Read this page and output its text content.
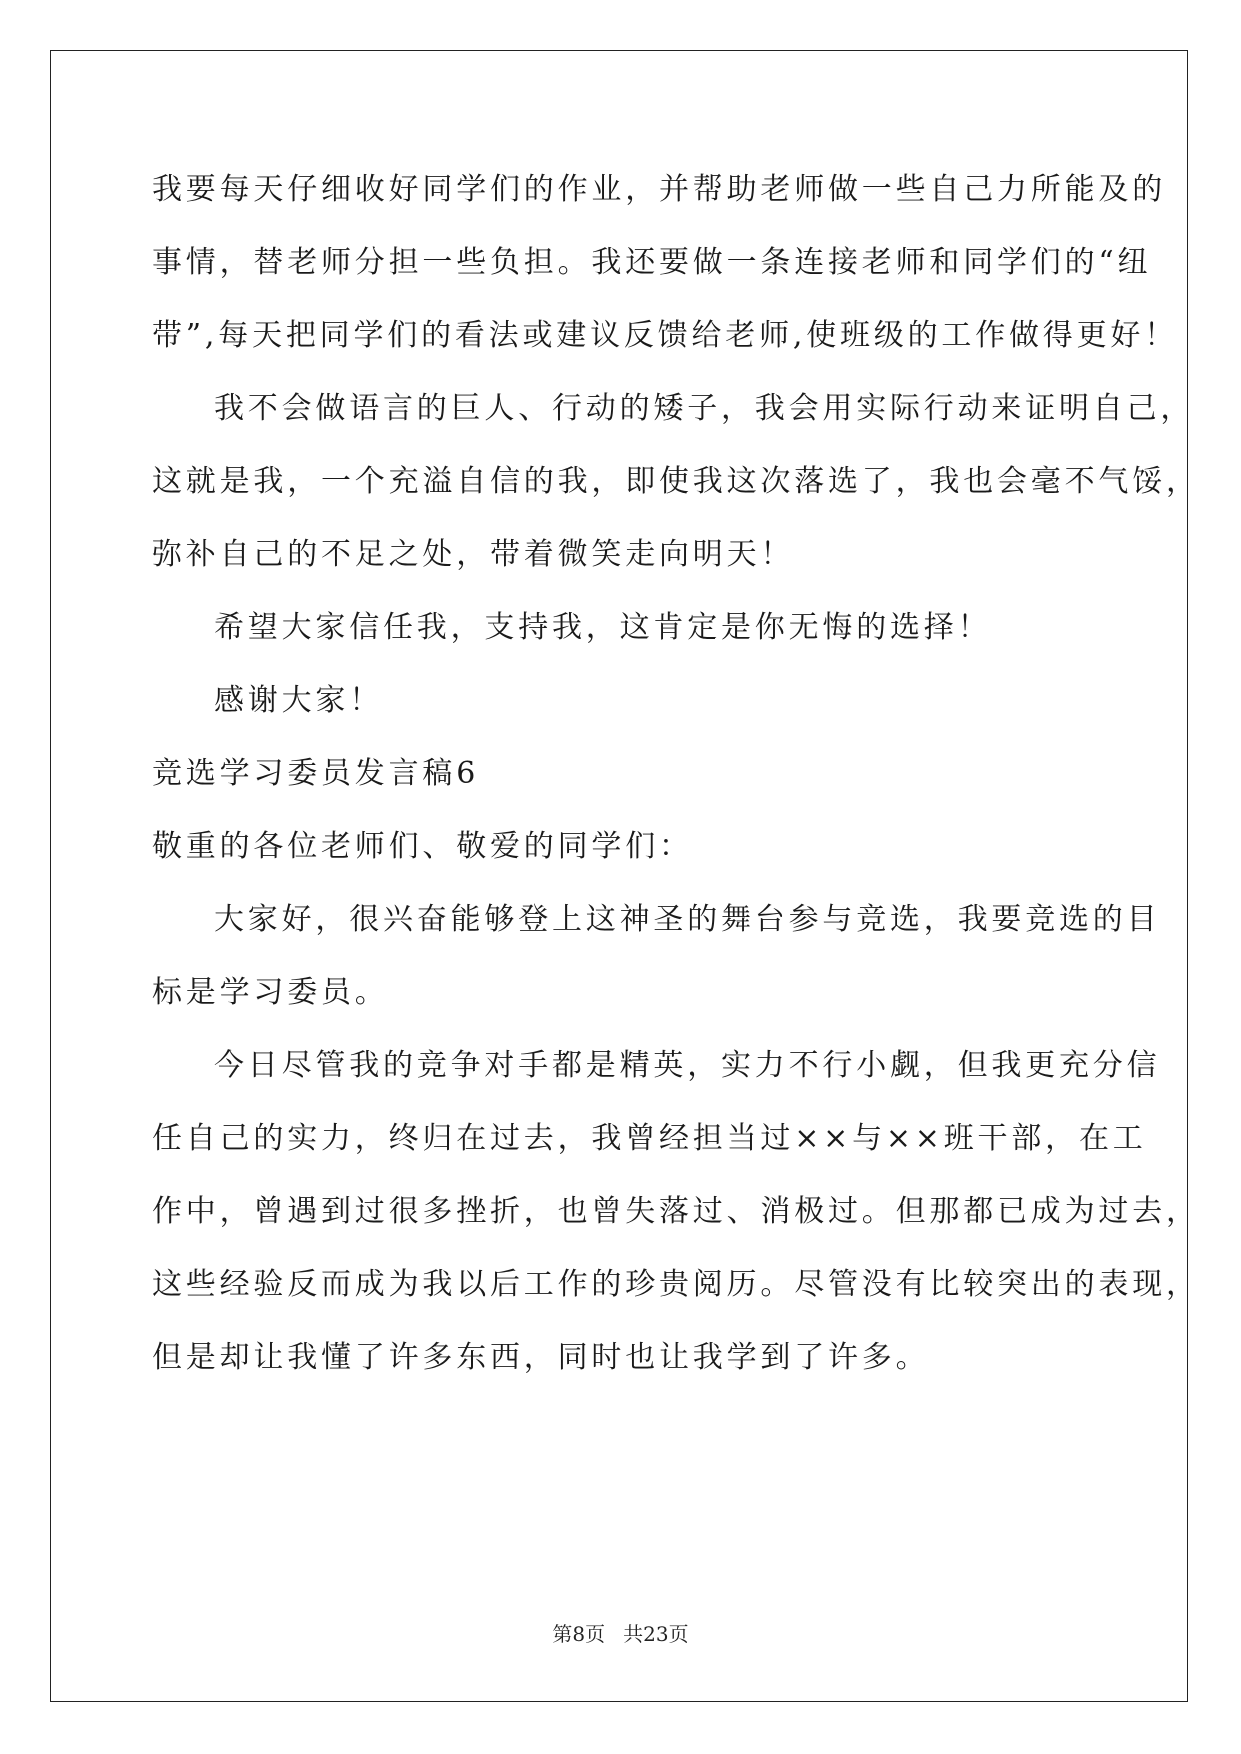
我要每天仔细收好同学们的作业，并帮助老师做一些自己力所能及的
事情，替老师分担一些负担。我还要做一条连接老师和同学们的“纽
带”,每天把同学们的看法或建议反馈给老师,使班级的工作做得更好！
我不会做语言的巨人、行动的矮子，我会用实际行动来证明自己，
这就是我，一个充溢自信的我，即使我这次落选了，我也会毫不气馁，
弥补自己的不足之处，带着微笑走向明天！
希望大家信任我，支持我，这肯定是你无悔的选择！
感谢大家！
竞选学习委员发言稿6
敬重的各位老师们、敬爱的同学们：
大家好，很兴奋能够登上这神圣的舞台参与竞选，我要竞选的目
标是学习委员。
今日尽管我的竞争对手都是精英，实力不行小觑，但我更充分信
任自己的实力，终归在过去，我曾经担当过××与××班干部，在工
作中，曾遇到过很多挫折，也曾失落过、消极过。但那都已成为过去，
这些经验反而成为我以后工作的珍贵阅历。尽管没有比较突出的表现，
但是却让我懂了许多东西，同时也让我学到了许多。
第8页 共23页
